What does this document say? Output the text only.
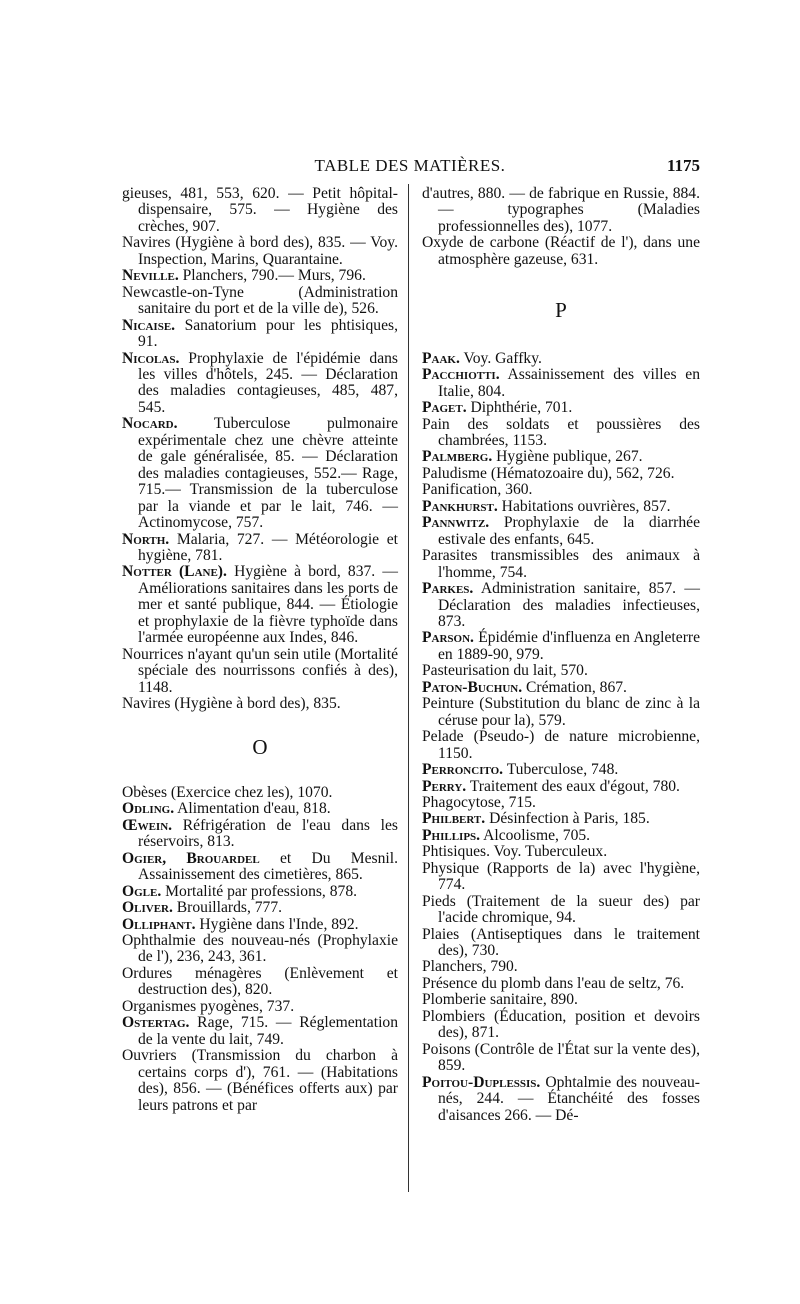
TABLE DES MATIÈRES.	1175

gieuses, 481, 553, 620. — Petit hôpital-dispensaire, 575. — Hygiène des crèches, 907.

Navires (Hygiène à bord des), 835. — Voy. Inspection, Marins, Quarantaine.

Neville. Planchers, 790.— Murs, 796.

Newcastle-on-Tyne (Administration sanitaire du port et de la ville de), 526.

Nicaise. Sanatorium pour les phtisiques, 91.

Nicolas. Prophylaxie de l'épidémie dans les villes d'hôtels, 245. — Déclaration des maladies contagieuses, 485, 487, 545.

Nocard. Tuberculose pulmonaire expérimentale chez une chèvre atteinte de gale généralisée, 85. — Déclaration des maladies contagieuses, 552.— Rage, 715.— Transmission de la tuberculose par la viande et par le lait, 746. — Actinomycose, 757.

North. Malaria, 727. — Météorologie et hygiène, 781.

Notter (Lane). Hygiène à bord, 837. — Améliorations sanitaires dans les ports de mer et santé publique, 844. — Étiologie et prophylaxie de la fièvre typhoïde dans l'armée européenne aux Indes, 846.

Nourrices n'ayant qu'un sein utile (Mortalité spéciale des nourrissons confiés à des), 1148.

Navires (Hygiène à bord des), 835.

O

Obèses (Exercice chez les), 1070.

Odling. Alimentation d'eau, 818.

Œwein. Réfrigération de l'eau dans les réservoirs, 813.

Ogier, Brouardel et Du Mesnil. Assainissement des cimetières, 865.

Ogle. Mortalité par professions, 878.

Oliver. Brouillards, 777.

Olliphant. Hygiène dans l'Inde, 892.

Ophthalmie des nouveau-nés (Prophylaxie de l'), 236, 243, 361.

Ordures ménagères (Enlèvement et destruction des), 820.

Organismes pyogènes, 737.

Ostertag. Rage, 715. — Réglementation de la vente du lait, 749.

Ouvriers (Transmission du charbon à certains corps d'), 761. — (Habitations des), 856. — (Bénéfices offerts aux) par leurs patrons et par

d'autres, 880. — de fabrique en Russie, 884. — typographes (Maladies professionnelles des), 1077.

Oxyde de carbone (Réactif de l'), dans une atmosphère gazeuse, 631.

P

Paak. Voy. Gaffky.

Pacchiotti. Assainissement des villes en Italie, 804.

Paget. Diphthérie, 701.

Pain des soldats et poussières des chambrées, 1153.

Palmberg. Hygiène publique, 267.

Paludisme (Hématozoaire du), 562, 726.

Panification, 360.

Pankhurst. Habitations ouvrières, 857.

Pannwitz. Prophylaxie de la diarrhée estivale des enfants, 645.

Parasites transmissibles des animaux à l'homme, 754.

Parkes. Administration sanitaire, 857. — Déclaration des maladies infectieuses, 873.

Parson. Épidémie d'influenza en Angleterre en 1889-90, 979.

Pasteurisation du lait, 570.

Paton-Buchun. Crémation, 867.

Peinture (Substitution du blanc de zinc à la céruse pour la), 579.

Pelade (Pseudo-) de nature microbienne, 1150.

Perroncito. Tuberculose, 748.

Perry. Traitement des eaux d'égout, 780.

Phagocytose, 715.

Philbert. Désinfection à Paris, 185.

Phillips. Alcoolisme, 705.

Phtisiques. Voy. Tuberculeux.

Physique (Rapports de la) avec l'hygiène, 774.

Pieds (Traitement de la sueur des) par l'acide chromique, 94.

Plaies (Antiseptiques dans le traitement des), 730.

Planchers, 790.

Présence du plomb dans l'eau de seltz, 76.

Plomberie sanitaire, 890.

Plombiers (Éducation, position et devoirs des), 871.

Poisons (Contrôle de l'État sur la vente des), 859.

Poitou-Duplessis. Ophtalmie des nouveau-nés, 244. — Étanchéité des fosses d'aisances 266. — Dé-
